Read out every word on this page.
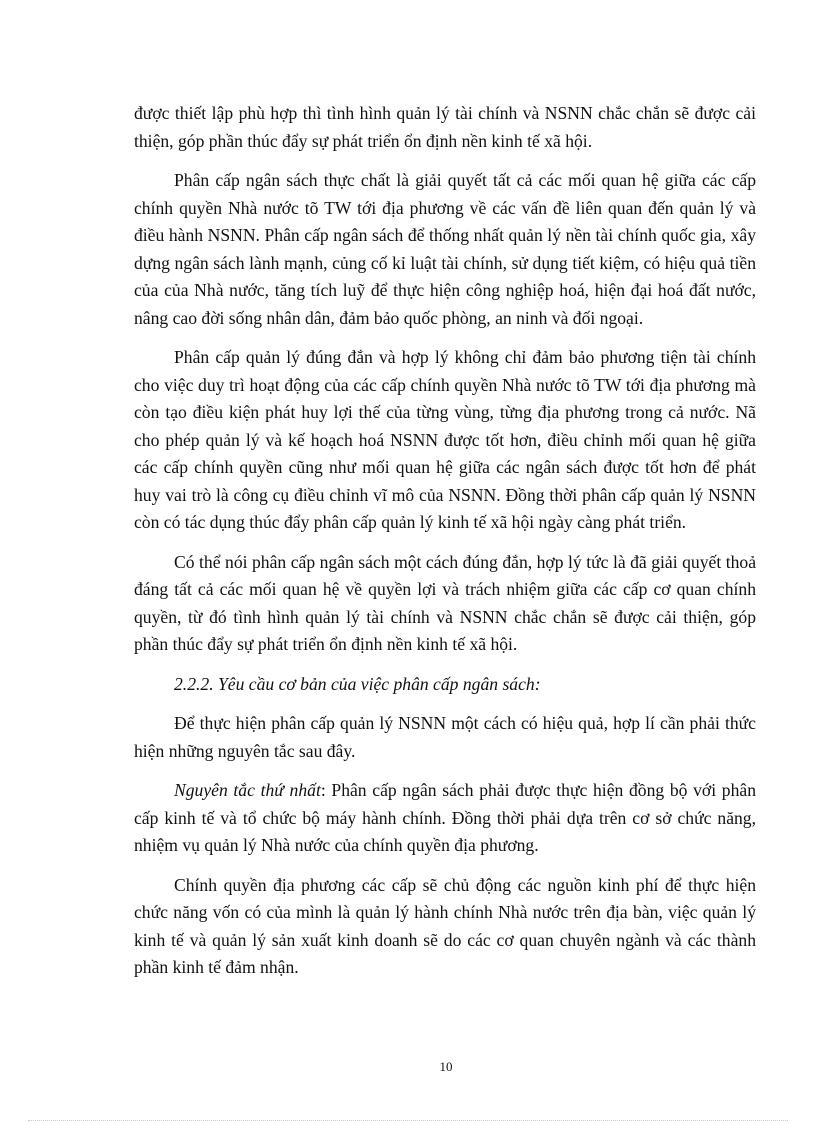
được thiết lập phù hợp thì tình hình quản lý tài chính và NSNN chắc chắn sẽ được cải thiện, góp phần thúc đẩy sự phát triển ổn định nền kinh tế xã hội.

Phân cấp ngân sách thực chất là giải quyết tất cả các mối quan hệ giữa các cấp chính quyền Nhà nước tõ TW tới địa phương về các vấn đề liên quan đến quản lý và điều hành NSNN. Phân cấp ngân sách để thống nhất quản lý nền tài chính quốc gia, xây dựng ngân sách lành mạnh, củng cố kỉ luật tài chính, sử dụng tiết kiệm, có hiệu quả tiền của của Nhà nước, tăng tích luỹ để thực hiện công nghiệp hoá, hiện đại hoá đất nước, nâng cao đời sống nhân dân, đảm bảo quốc phòng, an ninh và đối ngoại.

Phân cấp quản lý đúng đắn và hợp lý không chỉ đảm bảo phương tiện tài chính cho việc duy trì hoạt động của các cấp chính quyền Nhà nước tõ TW tới địa phương mà còn tạo điều kiện phát huy lợi thế của từng vùng, từng địa phương trong cả nước. Nã cho phép quản lý và kế hoạch hoá NSNN được tốt hơn, điều chỉnh mối quan hệ giữa các cấp chính quyền cũng như mối quan hệ giữa các ngân sách được tốt hơn để phát huy vai trò là công cụ điều chỉnh vĩ mô của NSNN. Đồng thời phân cấp quản lý NSNN còn có tác dụng thúc đẩy phân cấp quản lý kinh tế xã hội ngày càng phát triển.

Có thể nói phân cấp ngân sách một cách đúng đắn, hợp lý tức là đã giải quyết thoả đáng tất cả các mối quan hệ về quyền lợi và trách nhiệm giữa các cấp cơ quan chính quyền, từ đó tình hình quản lý tài chính và NSNN chắc chắn sẽ được cải thiện, góp phần thúc đẩy sự phát triển ổn định nền kinh tế xã hội.

2.2.2. Yêu cầu cơ bản của việc phân cấp ngân sách:

Để thực hiện phân cấp quản lý NSNN một cách có hiệu quả, hợp lí cần phải thức hiện những nguyên tắc sau đây.

Nguyên tắc thứ nhất: Phân cấp ngân sách phải được thực hiện đồng bộ với phân cấp kinh tế và tổ chức bộ máy hành chính. Đồng thời phải dựa trên cơ sở chức năng, nhiệm vụ quản lý Nhà nước của chính quyền địa phương.

Chính quyền địa phương các cấp sẽ chủ động các nguồn kinh phí để thực hiện chức năng vốn có của mình là quản lý hành chính Nhà nước trên địa bàn, việc quản lý kinh tế và quản lý sản xuất kinh doanh sẽ do các cơ quan chuyên ngành và các thành phần kinh tế đảm nhận.

10
